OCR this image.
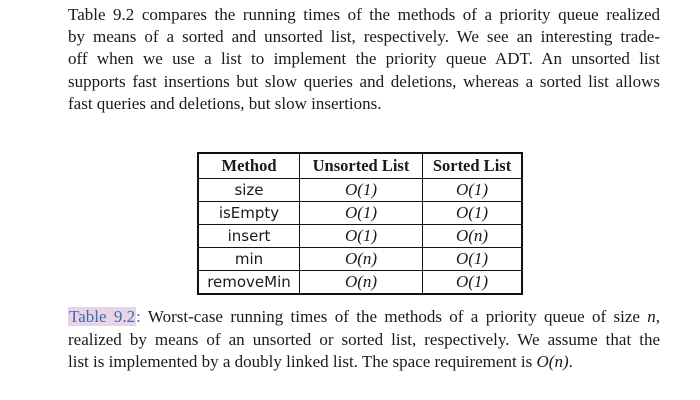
Table 9.2 compares the running times of the methods of a priority queue realized
by means of a sorted and unsorted list, respectively. We see an interesting trade-
off when we use a list to implement the priority queue ADT. An unsorted list
supports fast insertions but slow queries and deletions, whereas a sorted list allows
fast queries and deletions, but slow insertions.

Method	Unsorted List	Sorted List
size	O(1)	O(1)
isEmpty	O(1)	O(1)
insert	O(1)	O(n)
min	O(n)	O(1)
removeMin	O(n)	O(1)

Table 9.2: Worst-case running times of the methods of a priority queue of size n,
realized by means of an unsorted or sorted list, respectively. We assume that the
list is implemented by a doubly linked list. The space requirement is O(n).
